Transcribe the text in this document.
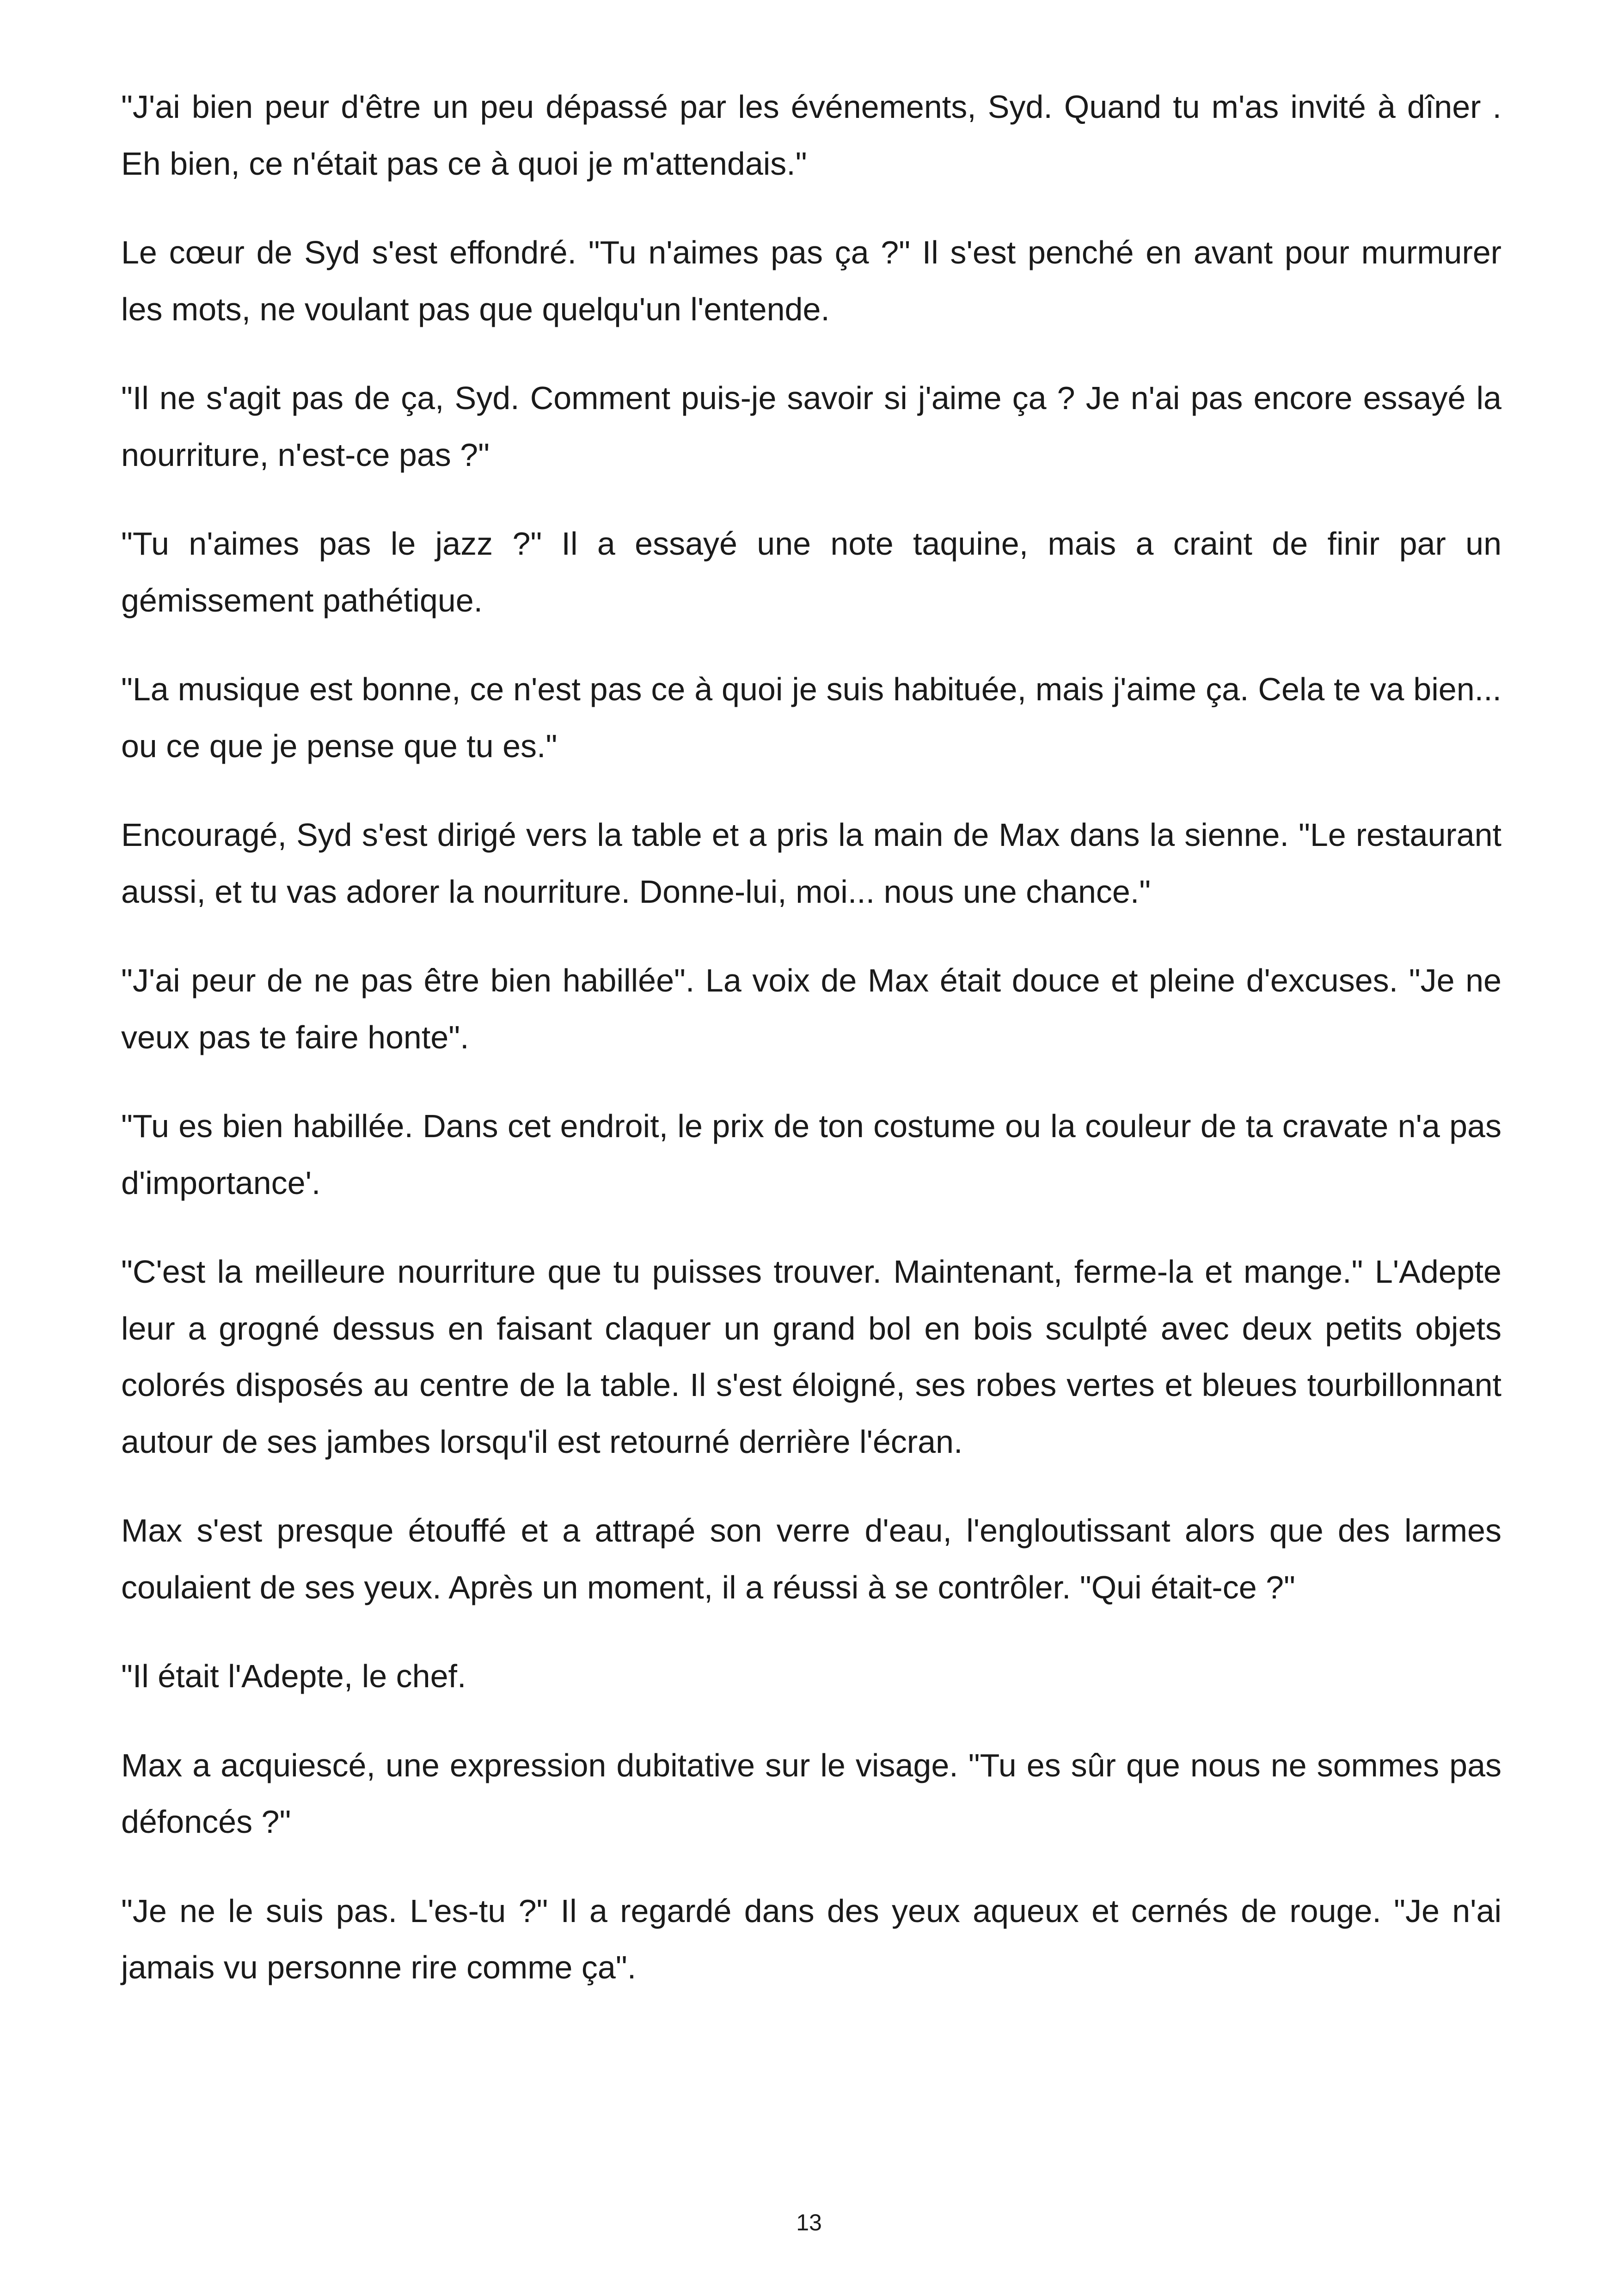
"J'ai bien peur d'être un peu dépassé par les événements, Syd. Quand tu m'as invité à dîner . Eh bien, ce n'était pas ce à quoi je m'attendais."

Le cœur de Syd s'est effondré. "Tu n'aimes pas ça ?" Il s'est penché en avant pour murmurer les mots, ne voulant pas que quelqu'un l'entende.

"Il ne s'agit pas de ça, Syd. Comment puis-je savoir si j'aime ça ? Je n'ai pas encore essayé la nourriture, n'est-ce pas ?"

"Tu n'aimes pas le jazz ?" Il a essayé une note taquine, mais a craint de finir par un gémissement pathétique.

"La musique est bonne, ce n'est pas ce à quoi je suis habituée, mais j'aime ça. Cela te va bien... ou ce que je pense que tu es."

Encouragé, Syd s'est dirigé vers la table et a pris la main de Max dans la sienne. "Le restaurant aussi, et tu vas adorer la nourriture. Donne-lui, moi... nous une chance."

"J'ai peur de ne pas être bien habillée". La voix de Max était douce et pleine d'excuses. "Je ne veux pas te faire honte".

"Tu es bien habillée. Dans cet endroit, le prix de ton costume ou la couleur de ta cravate n'a pas d'importance'.

"C'est la meilleure nourriture que tu puisses trouver. Maintenant, ferme-la et mange." L'Adepte leur a grogné dessus en faisant claquer un grand bol en bois sculpté avec deux petits objets colorés disposés au centre de la table. Il s'est éloigné, ses robes vertes et bleues tourbillonnant autour de ses jambes lorsqu'il est retourné derrière l'écran.

Max s'est presque étouffé et a attrapé son verre d'eau, l'engloutissant alors que des larmes coulaient de ses yeux. Après un moment, il a réussi à se contrôler. "Qui était-ce ?"

"Il était l'Adepte, le chef.

Max a acquiescé, une expression dubitative sur le visage. "Tu es sûr que nous ne sommes pas défoncés ?"

"Je ne le suis pas. L'es-tu ?" Il a regardé dans des yeux aqueux et cernés de rouge. "Je n'ai jamais vu personne rire comme ça".

13
